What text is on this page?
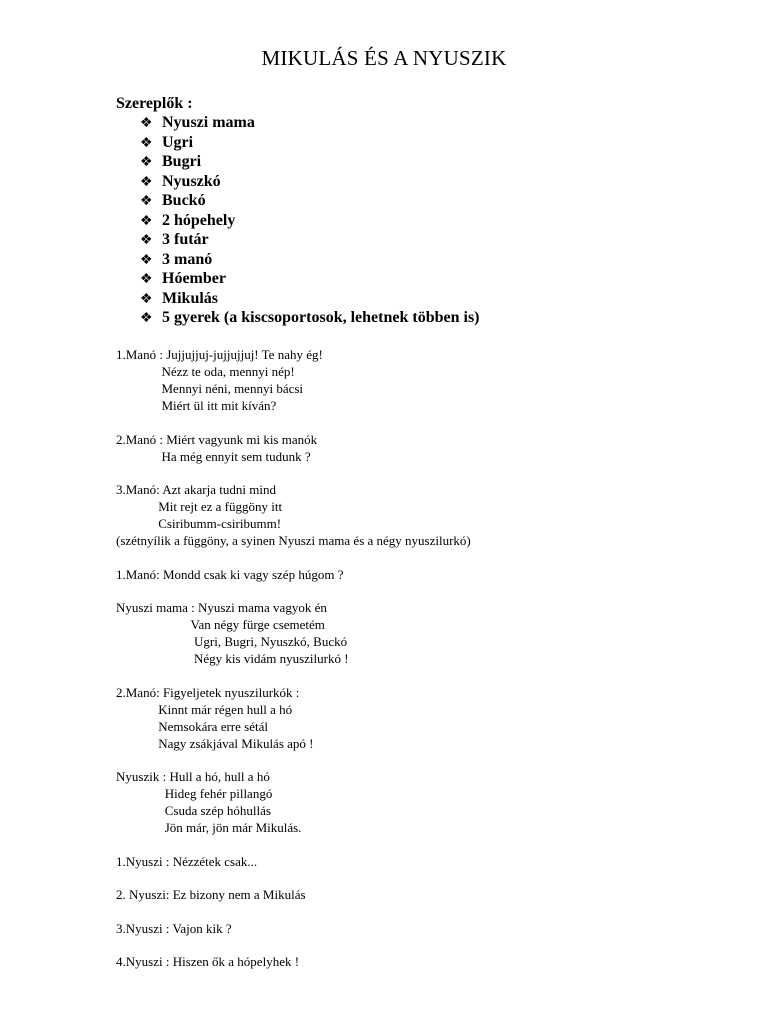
MIKULÁS ÉS A NYUSZIK
Szereplők :
❖ Nyuszi mama
❖ Ugri
❖ Bugri
❖ Nyuszkó
❖ Buckó
❖ 2 hópehely
❖ 3 futár
❖ 3 manó
❖ Hóember
❖ Mikulás
❖ 5 gyerek (a kiscsoportosok, lehetnek többen is)
1.Manó : Jujjujjuj-jujjujjuj! Te nahy ég!
Nézz te oda, mennyi nép!
Mennyi néni, mennyi bácsi
Miért ül itt mit kíván?
2.Manó : Miért vagyunk mi kis manók
Ha még ennyit sem tudunk ?
3.Manó: Azt akarja tudni mind
Mit rejt ez a függöny itt
Csiribumm-csiribumm!
(szétnyílik a függöny, a syinen Nyuszi mama és a négy nyuszilurkó)
1.Manó: Mondd csak ki vagy szép húgom ?
Nyuszi mama : Nyuszi mama vagyok én
Van négy fürge csemetém
Ugri, Bugri, Nyuszkó, Buckó
Négy kis vidám nyuszilurkó !
2.Manó: Figyeljetek nyuszilurkók :
Kinnt már régen hull a hó
Nemsokára erre sétál
Nagy zsákjával Mikulás apó !
Nyuszik : Hull a hó, hull a hó
Hideg fehér pillangó
Csuda szép hóhullás
Jön már, jön már Mikulás.
1.Nyuszi : Nézzétek csak...
2. Nyuszi: Ez bizony nem a Mikulás
3.Nyuszi : Vajon kik ?
4.Nyuszi : Hiszen ők a hópelyhek !
